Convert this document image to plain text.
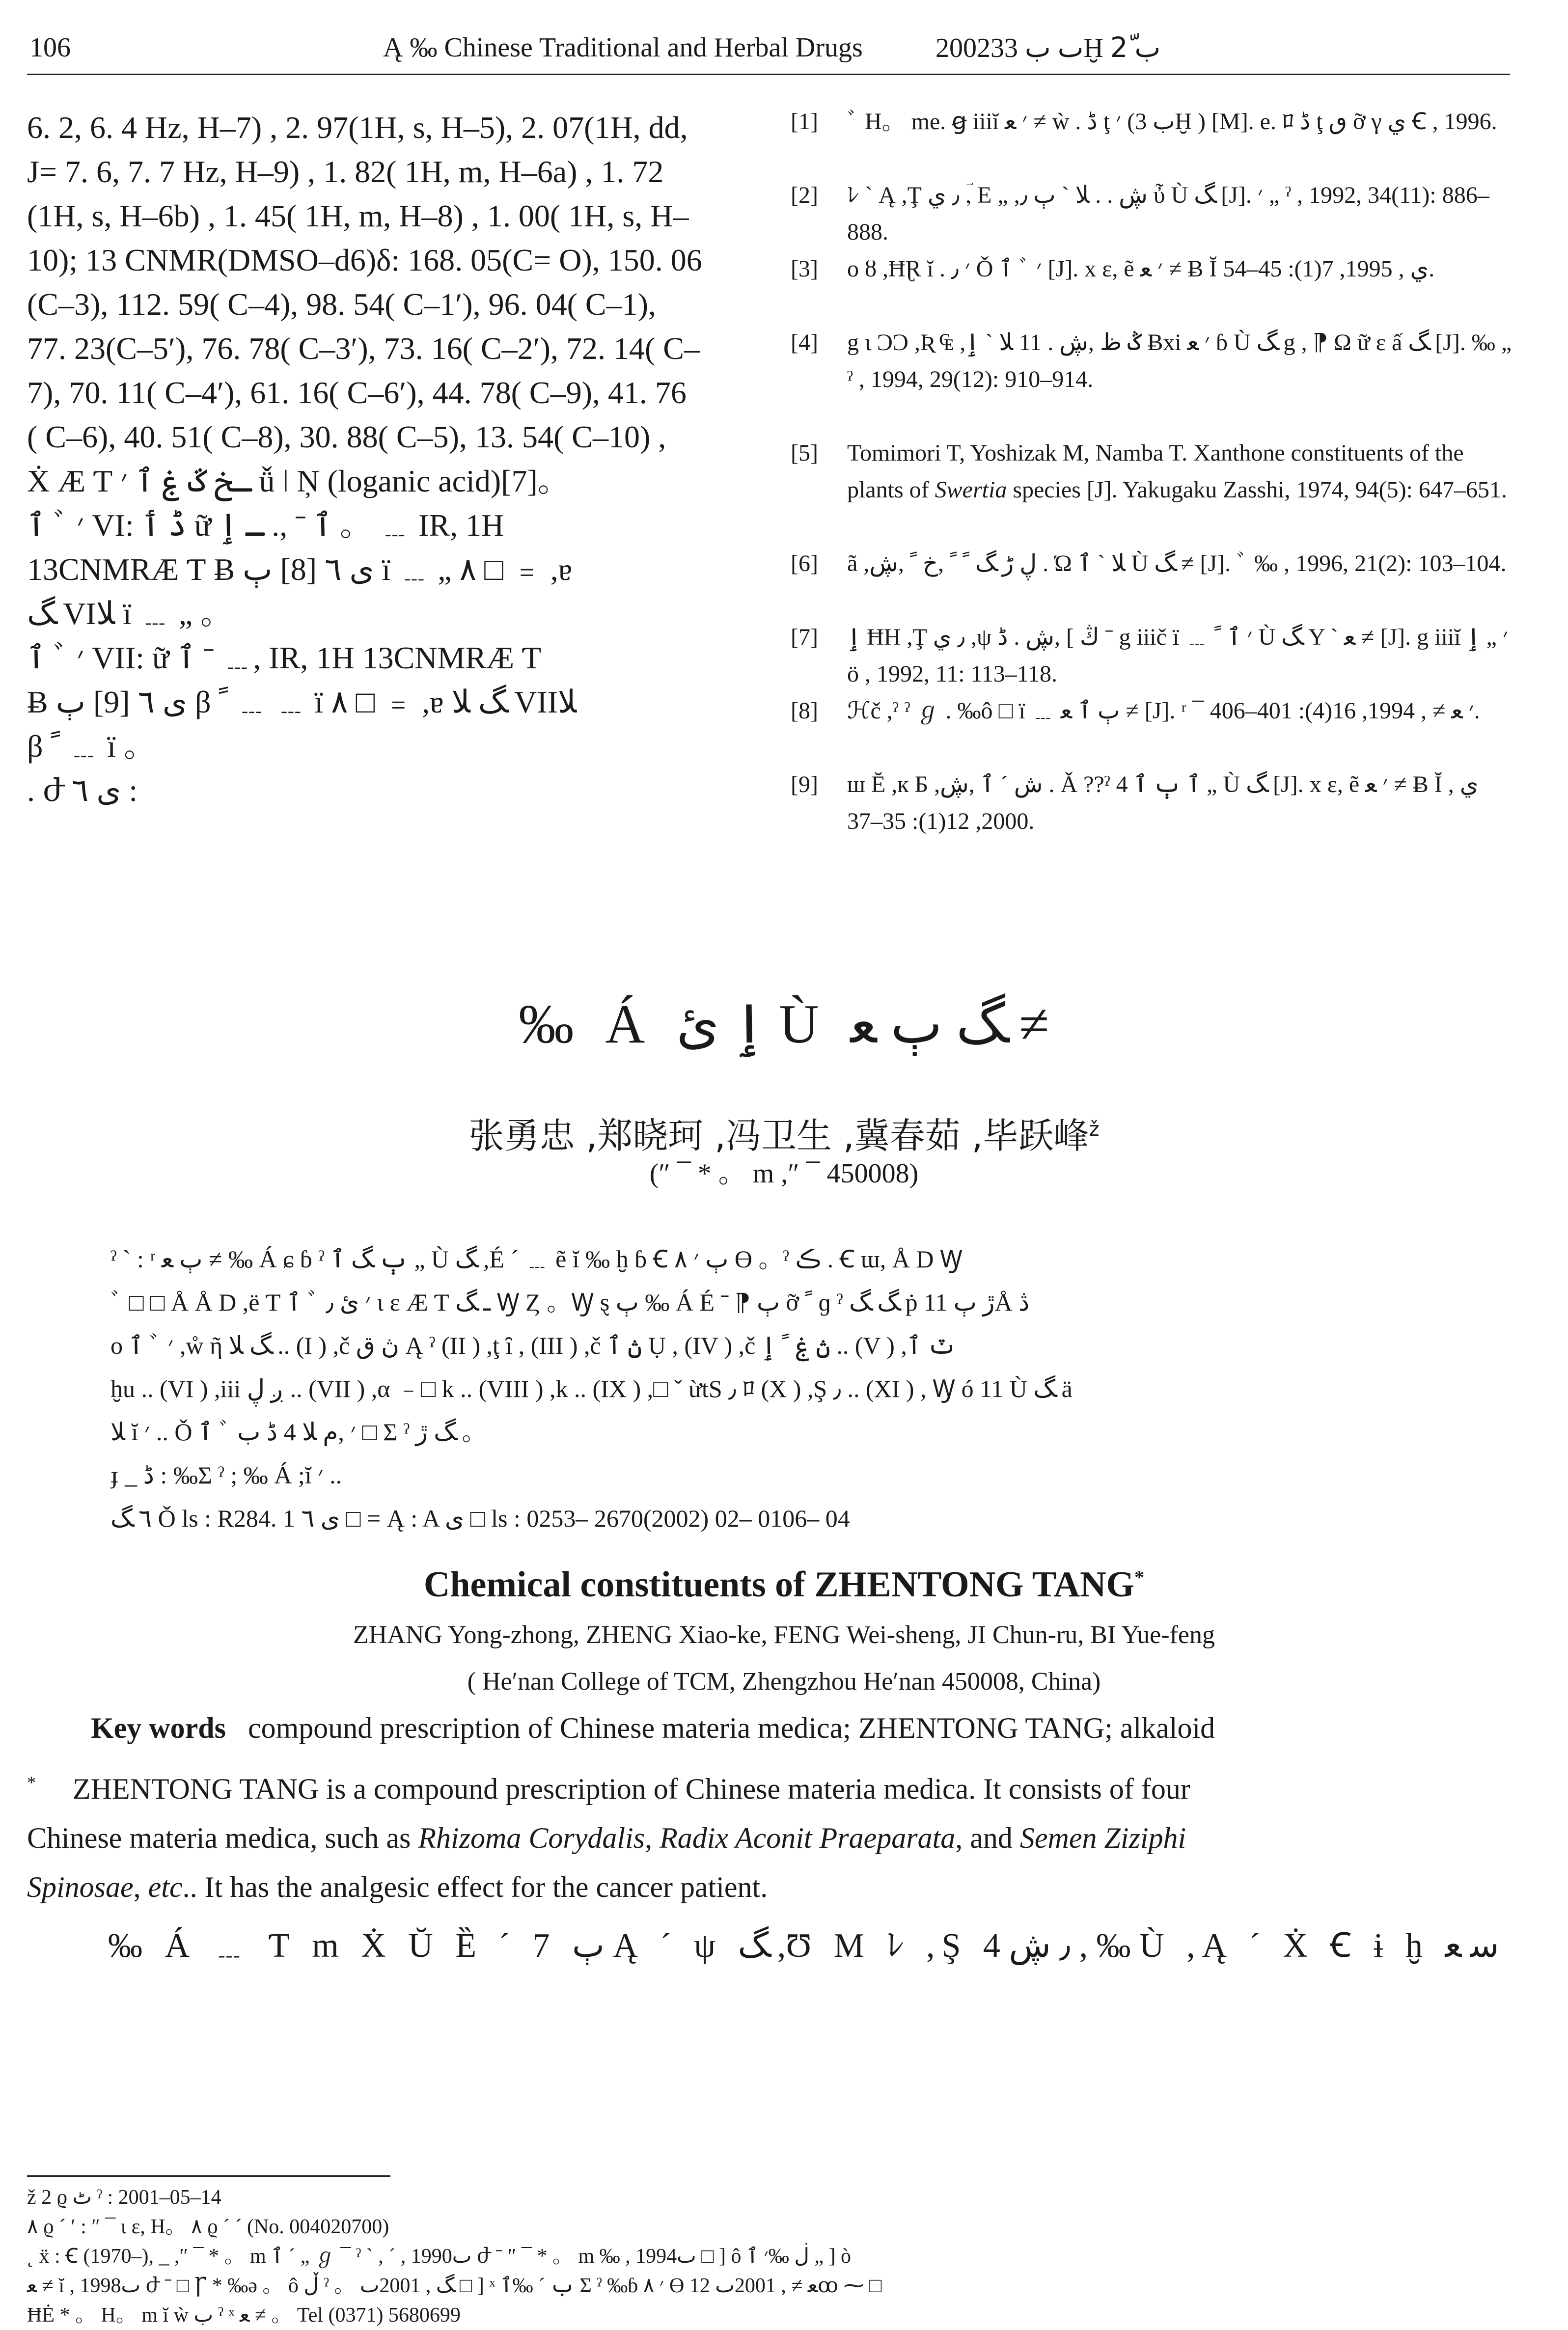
106	Ą ‰ Chinese Traditional and Herbal Drugs	2002ٮ ب 33Ḫ ب 2ّ

6. 2, 6. 4 Hz, H–7) , 2. 97(1H, s, H–5), 2. 07(1H, dd,

J= 7. 6, 7. 7 Hz, H–9) , 1. 82( 1H, m, H–6a) , 1. 72

(1H, s, H–6b) , 1. 45( 1H, m, H–8) , 1. 00( 1H, s, H–

10); 13 CNMR(DMSO–d6)δ: 168. 05(C= O), 150. 06

(C–3), 112. 59( C–4), 98. 54( C–1′), 96. 04( C–1),

77. 23(C–5′), 76. 78( C–3′), 73. 16( C–2′), 72. 14( C–

7), 70. 11( C–4′), 61. 16( C–6′), 44. 78( C–9), 41. 76

( C–6), 40. 51( C–8), 30. 88( C–5), 13. 54( C–10) ,

Ẋ Æ Ƭ ـخ ػ ۼ ٱ ׳ ǚ ǀ Ņ (loganic acid)[7]。

ٱ ﾞ ׳ VI: ڈ ٲ ữ ٱ ˉ ,. ـ ٳ 。 ﹍ IR, 1H

13CNMRÆ Ƭ Ƀ ى ٦ [8] ٻ ï ﹍ „ ٨ □ ﹦ ,ɐ

ﮓ VIﻼ ï ﹍ „ 。

ٱ ﾞ ׳ VII: ữ ٱ ˉ ﹍, IR, 1H 13CNMRÆ Ƭ

Ƀ ى ٦ [9] ٻ β ﹰ ﹍ ﹍ ï ٨ □ ﹦ ,ɐ ﮓ ﻼ VIIﻼ

β ﹰ ﹍ ï 。

. ժ ى ٦ :

[1] ﾞ H。 me. ꞡ iiiĭ ׳ ﻌ ≠ ẁ . ڈ ţ ׳ (ب 3Ḫ ) [M]. e. ﾛ ڈ ţ ٯ ỡ γ ي Ꞓ , 1996.
[2] ﾚ ˋ Ą ,Ţ ٫ ي ,ؔ E „ ,ڜ . . ﻼ ˋ ٻ ٫ ὖ Ù ﮓ [J]. ׳ „ ˀ , 1992, 34(11): 886–888.
[3] o ȣ ,ĦⱤ ĭ . ׳ ٫ Ǒ ٱ ﾞ ׳ [J]. x ε, ẽ ׳ ﻌ ≠ Ƀ Ĭ ي , 1995, 7(1): 45–54.
[4] g ι ϽϽ ,Ʀ ₠ ,ݣ ظ ,ڜ . 11 ﻼ ˋ ٳ Ƀxi ׳ ﻌ ɓ Ù ﮓ g , ⁋ Ω ữ ɛ ấ ﮓ [J]. ‰ „ ˀ , 1994, 29(12): 910–914.
[5] Tomimori T, Yoshizak M, Namba T. Xanthone constituents of the plants of Swertia species [J]. Yakugaku Zasshi, 1974, 94(5): 647–651.
[6] ã ,ڸ ڑ ﮓ ﹰ ﹰ ,خ ﹰ ,ڜ . Ώ ﻼ ˋ ٱ Ù ﮓ ≠ [J]. ﾞ ‰ , 1996, 21(2): 103–104.
[7] ٳ ĦH ,Ţ ٫ ي ,ψ ڭ ] ,ڜ . ڈ ˉ g iiič ï ﹍ ׳ ٱ ﹰ Ù ﮓ Y ˋ ﻌ ≠ [J]. g iiiĭ ׳ „ ٳ ö , 1992, 11: 113–118.
[8] ℋč ,ˀ ˀ ℊ . ‰ô □ ï ﹍ ٻ ٱ ﻌ ≠ [J]. ʳ ¯ ׳ ﻌ ≠ , 1994, 16(4): 401–406.
[9] ш Ĕ ,к Б ,ش ˊ ٱ ,ڜ . Ǎ ??ˀ 4 ٱ ٻ ٱ „ Ù ﮓ [J]. x ε, ẽ ׳ ﻌ ≠ Ƀ Ĭ ي , 2000, 12(1): 35–37.
‰ Á ٳ ئ Ù ﮓ ٻ ﻌ ≠
张勇忠 ,郑晓珂 ,冯卫生 ,冀春茹 ,毕跃峰$^ž$
(″ ¯ * 。 m ,″ ¯ 450008)

ˀ ˋ : ʳ ٻ ﻌ ≠ ‰ Á ɕ ɓ ˀ ٻ ﮓ ٱ „ Ù ﮓ ,É ˊ ﹍ ẽ ĭ ‰ ḫ ɓ Ꞓ ٻ ׳ ٨ ϴ 。ˀ ڪ . Ꞓ ɯ, Å D Ꝡ

ﾞ □ □ Å Å D ,ë Ƭ ٱ ﾞ ׳ ئ ٫ ι ɛ Æ Ƭ ـ ﮓ Ꝡ Ȥ 。Ꝡ ȿ ٻ ‰ Á É ˉ ⁋ ٻ ỡ ﹰ ɡ ˀ ﮓ ﮓ ṗ ڙ ٻ 11Å ڎ

o ٱ ﾞ ׳ ,ẘ ῆ ﮓ ﻼ .. (I ) ,č ڽ ق Ą ˀ (II ) ,ţ ȋ , (III ) ,č ڽ ٱ Ụ , (IV ) ,č ڽ ۼ ﹰ ٳ .. (V ) ,ٽ ٱ

ḫu .. (VI ) ,iii ږ ڸ .. (VII ) ,α ﹣□ k .. (VIII ) ,k .. (IX ) ,□ ˇ ừtS ٫ ﾛ (X ) ,Ş ٫ .. (XI ) , Ꝡ ó 11 Ù ﮓ ä

ﻼ ĭ ׳ .. Ǒ ٱ ﾞ ׳ ,ﻡ ﻼ 4 ڈ ب □ Σ ˀ ﮓ ڙ 。

ɟ _ ڈ : ‰Σ ˀ ; ‰ Á ;ĭ ׳ ..

٦ ﮓ Ǒ ls : R284. 1 ى ٦ □ = Ą : A ى □ ls : 0253– 2670(2002) 02– 0106– 04

Chemical constituents of ZHENTONG TANG*
ZHANG Yong-zhong, ZHENG Xiao-ke, FENG Wei-sheng, JI Chun-ru, BI Yue-feng
( He′nan College of TCM, Zhengzhou He′nan 450008, China)
Key words compound prescription of Chinese materia medica; ZHENTONG TANG; alkaloid

*     ZHENTONG TANG is a compound prescription of Chinese materia medica. It consists of four

Chinese materia medica, such as Rhizoma Corydalis, Radix Aconit Praeparata, and Semen Ziziphi

Spinosae, etc.. It has the analgesic effect for the cancer patient.

‰ Á ﹍ Ƭ m Ẋ Ŭ Ȅ ˊ 7 ٻ Ą ˊ ψ ﮓ ,Ʊ M ﾚ ,Ş ٫ ڜ 4 , ‰ Ù ,Ą ˊ Ẋ Ꞓ ɨ ḫ ﺳ ﻌ

ž 2 ϱ ٹ ˀ : 2001–05–14

٨ ϱ ˊ ʹ : ″ ¯ ι ε, H。 ٨ ϱ ˊ ˊ (No. 004020700)

˛ ẍ : Ꞓ (1970–), _ ,″ ¯ * 。 m ٱ ˊ „ ℊ ¯ ˀ ˋ , ˊ , 1990ٮ ժ ˉ ″ ¯ * 。 m ‰ , 1994ٮ □ ] ô ڶ ‰׳ ٱ „ ] ò

ﻌ ≠ ĭ , 1998ٮ ժ ˉ □ Ꞅ * ‰ǝ 。 ô ڵ ˀ 。 ﮓ , 2001ٮ □ ] ˣ ب ˊ ‰ٱ Σ ˀ ‰ɓ ׳ ٨ ϴ ﻌ ≠ , 2001ٮ 12ꝏ ⁓ □

ĦĖ * 。 H。 m ĭ ẁ ب ˀ ˣ ﻌ ≠ 。 Tel (0371) 5680699
